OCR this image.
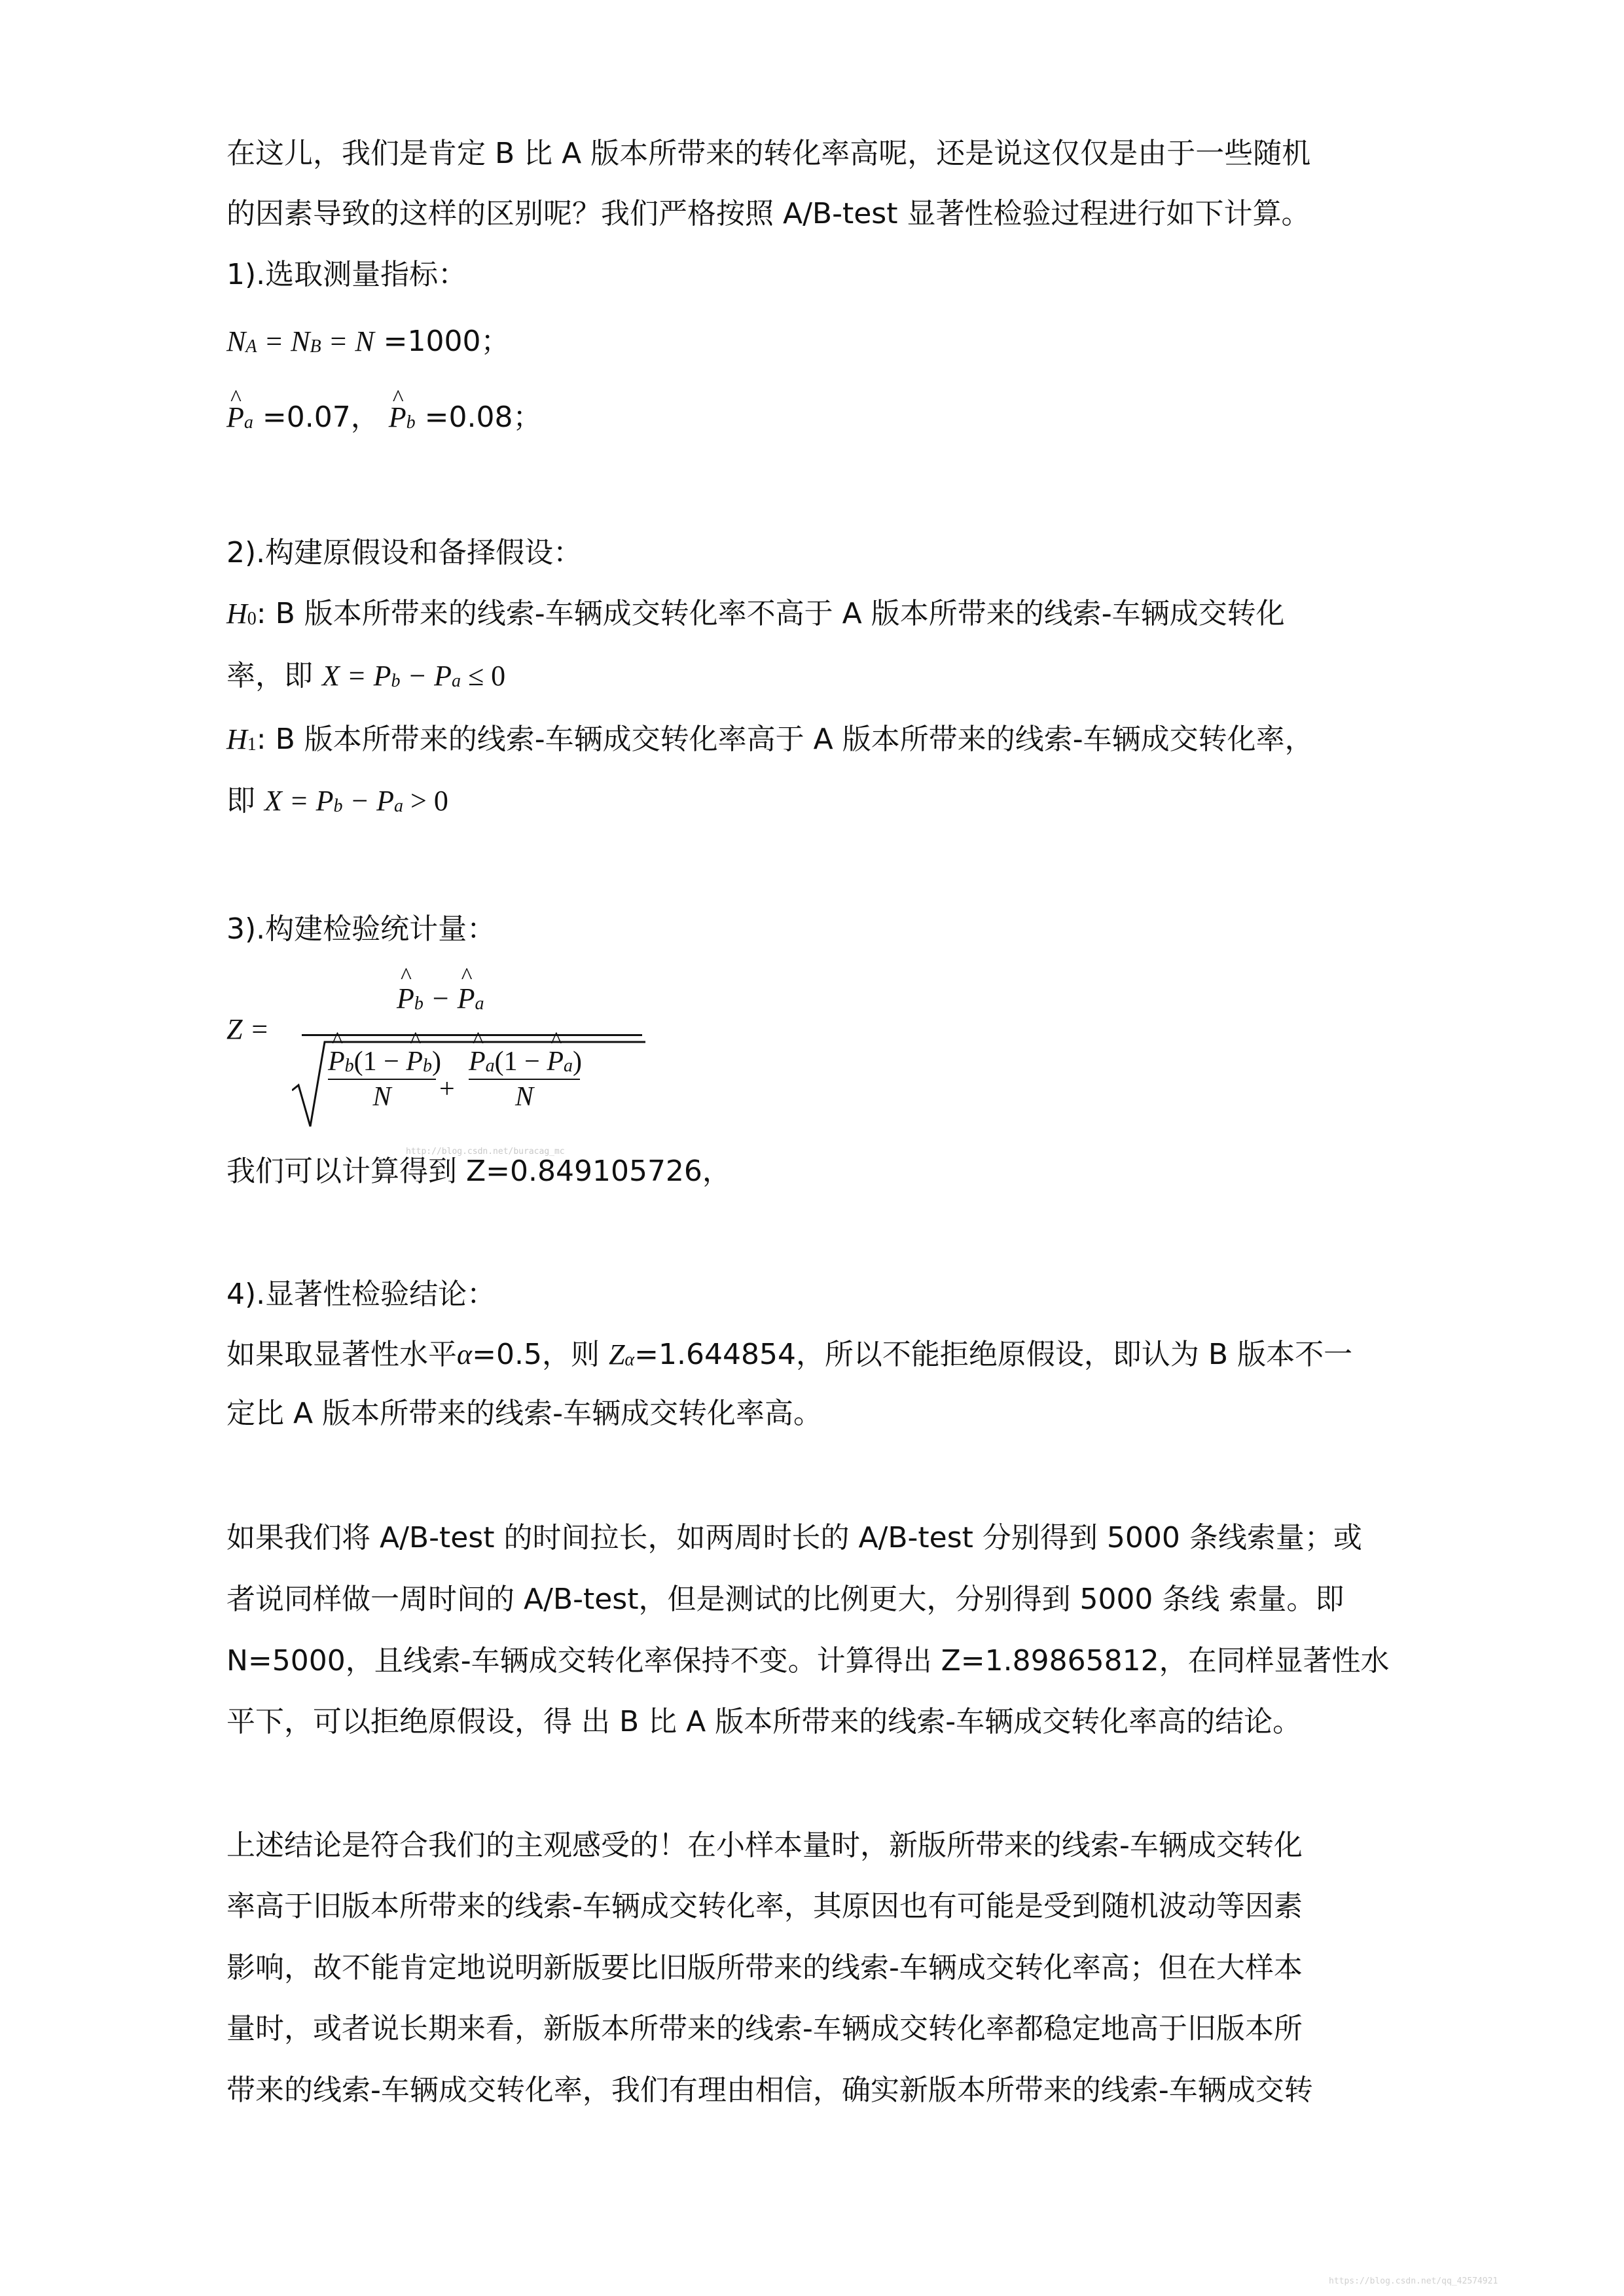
在这儿，我们是肯定 B 比 A 版本所带来的转化率高呢，还是说这仅仅是由于一些随机
的因素导致的这样的区别呢？我们严格按照 A/B-test 显著性检验过程进行如下计算。
1).选取测量指标：
NA = NB = N =1000；
^ Pa =0.07， ^ Pb =0.08；
2).构建原假设和备择假设：
H0: B 版本所带来的线索-车辆成交转化率不高于 A 版本所带来的线索-车辆成交转化
率，即 X = Pb − Pa ≤ 0
H1: B 版本所带来的线索-车辆成交转化率高于 A 版本所带来的线索-车辆成交转化率，
即 X = Pb − Pa > 0
3).构建检验统计量：
Z =
^ Pb − ^ Pa
^ Pb(1 − ^ Pb)
N	+
^ Pa(1 − ^ Pa)
N
http://blog.csdn.net/buracag_mc
我们可以计算得到 Z=0.849105726，
4).显著性检验结论：
如果取显著性水平α=0.5，则 Zα=1.644854，所以不能拒绝原假设，即认为 B 版本不一
定比 A 版本所带来的线索-车辆成交转化率高。
如果我们将 A/B-test 的时间拉长，如两周时长的 A/B-test 分别得到 5000 条线索量；或
者说同样做一周时间的 A/B-test，但是测试的比例更大，分别得到 5000 条线 索量。即
N=5000，且线索-车辆成交转化率保持不变。计算得出 Z=1.89865812，在同样显著性水
平下，可以拒绝原假设，得 出 B 比 A 版本所带来的线索-车辆成交转化率高的结论。
上述结论是符合我们的主观感受的！在小样本量时，新版所带来的线索-车辆成交转化
率高于旧版本所带来的线索-车辆成交转化率，其原因也有可能是受到随机波动等因素
影响，故不能肯定地说明新版要比旧版所带来的线索-车辆成交转化率高；但在大样本
量时，或者说长期来看，新版本所带来的线索-车辆成交转化率都稳定地高于旧版本所
带来的线索-车辆成交转化率，我们有理由相信，确实新版本所带来的线索-车辆成交转
https://blog.csdn.net/qq_42574921
